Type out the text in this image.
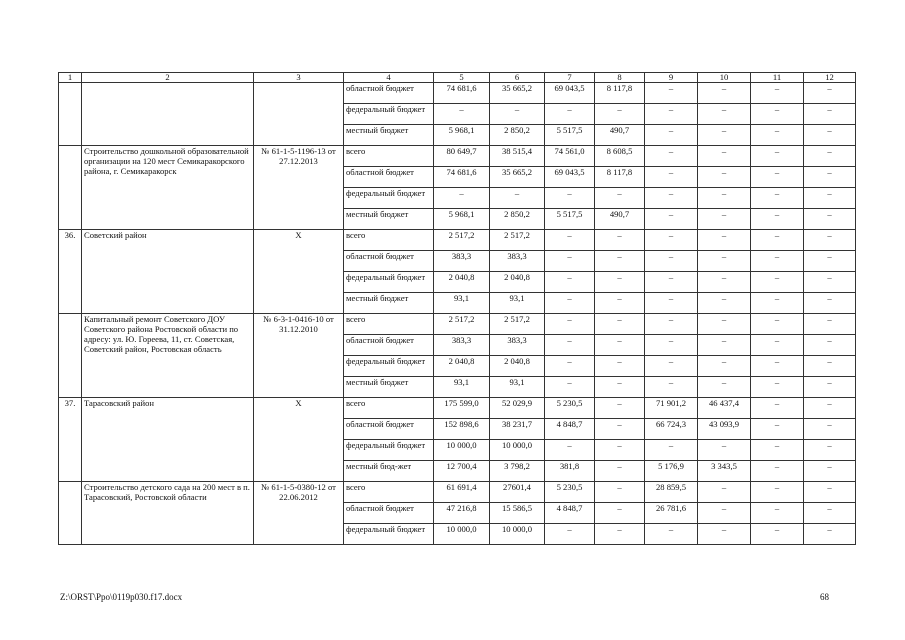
1	2	3	4	5	6	7	8	9	10	11	12
			областной бюджет	74 681,6	35 665,2	69 043,5	8 117,8	–	–	–	–
			федеральный бюджет	–	–	–	–	–	–	–	–
			местный бюджет	5 968,1	2 850,2	5 517,5	490,7	–	–	–	–
	Строительство дошкольной образовательной организации на 120 мест Семикаракорского района, г. Семикаракорск	№ 61-1-5-1196-13 от 27.12.2013	всего	80 649,7	38 515,4	74 561,0	8 608,5	–	–	–	–
			областной бюджет	74 681,6	35 665,2	69 043,5	8 117,8	–	–	–	–
			федеральный бюджет	–	–	–	–	–	–	–	–
			местный бюджет	5 968,1	2 850,2	5 517,5	490,7	–	–	–	–
36.	Советский район	Х	всего	2 517,2	2 517,2	–	–	–	–	–	–
			областной бюджет	383,3	383,3	–	–	–	–	–	–
			федеральный бюджет	2 040,8	2 040,8	–	–	–	–	–	–
			местный бюджет	93,1	93,1	–	–	–	–	–	–
	Капитальный ремонт Советского ДОУ Советского района Ростовской области по адресу: ул. Ю. Гореева, 11, ст. Советская, Советский район, Ростовская область	№ 6-3-1-0416-10 от 31.12.2010	всего	2 517,2	2 517,2	–	–	–	–	–	–
			областной бюджет	383,3	383,3	–	–	–	–	–	–
			федеральный бюджет	2 040,8	2 040,8	–	–	–	–	–	–
			местный бюджет	93,1	93,1	–	–	–	–	–	–
37.	Тарасовский район	Х	всего	175 599,0	52 029,9	5 230,5	–	71 901,2	46 437,4	–	–
			областной бюджет	152 898,6	38 231,7	4 848,7	–	66 724,3	43 093,9	–	–
			федеральный бюджет	10 000,0	10 000,0	–	–	–	–	–	–
			местный бюд-жет	12 700,4	3 798,2	381,8	–	5 176,9	3 343,5	–	–
	Строительство детского сада на 200 мест в п. Тарасовский, Ростовской области	№ 61-1-5-0380-12 от 22.06.2012	всего	61 691,4	27601,4	5 230,5	–	28 859,5	–	–	–
			областной бюджет	47 216,8	15 586,5	4 848,7	–	26 781,6	–	–	–
			федеральный бюджет	10 000,0	10 000,0	–	–	–	–	–	–
Z:\ORST\Ppo\0119p030.f17.docx	68
